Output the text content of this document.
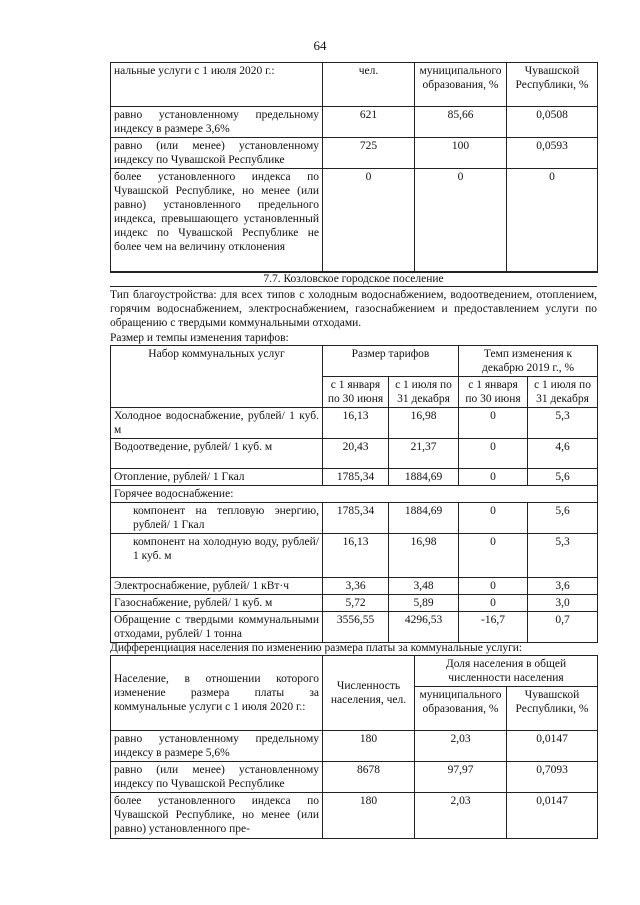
64
нальные услуги с 1 июля 2020 г.:	чел.	муниципального образования, %	Чувашской Республики, %
равно установленному предельному индексу в размере 3,6%	621	85,66	0,0508
равно (или менее) установленному индексу по Чувашской Республике	725	100	0,0593
более установленного индекса по Чувашской Республике, но менее (или равно) установленного предельного индекса, превышающего установленный индекс по Чувашской Республике не более чем на величину отклонения	0	0	0
7.7. Козловское городское поселение
Тип благоустройства: для всех типов с холодным водоснабжением, водоотведением, отоплением, горячим водоснабжением, электроснабжением, газоснабжением и предоставлением услуги по обращению с твердыми коммунальными отходами.
Размер и темпы изменения тарифов:
Набор коммунальных услуг	Размер тарифов		Темп изменения к декабрю 2019 г., %	
	с 1 января по 30 июня	с 1 июля по 31 декабря	с 1 января по 30 июня	с 1 июля по 31 декабря
Холодное водоснабжение, рублей/ 1 куб. м	16,13	16,98	0	5,3
Водоотведение, рублей/ 1 куб. м	20,43	21,37	0	4,6
Отопление, рублей/ 1 Гкал	1785,34	1884,69	0	5,6
Горячее водоснабжение:				
компонент на тепловую энергию, рублей/ 1 Гкал	1785,34	1884,69	0	5,6
компонент на холодную воду, рублей/ 1 куб. м	16,13	16,98	0	5,3
Электроснабжение, рублей/ 1 кВт·ч	3,36	3,48	0	3,6
Газоснабжение, рублей/ 1 куб. м	5,72	5,89	0	3,0
Обращение с твердыми коммунальными отходами, рублей/ 1 тонна	3556,55	4296,53	-16,7	0,7
Дифференциация населения по изменению размера платы за коммунальные услуги:
Население, в отношении которого изменение размера платы за коммунальные услуги с 1 июля 2020 г.:	Численность населения, чел.	Доля населения в общей численности населения	
		муниципального образования, %	Чувашской Республики, %
равно установленному предельному индексу в размере 5,6%	180	2,03	0,0147
равно (или менее) установленному индексу по Чувашской Республике	8678	97,97	0,7093
более установленного индекса по Чувашской Республике, но менее (или равно) установленного пре-	180	2,03	0,0147
